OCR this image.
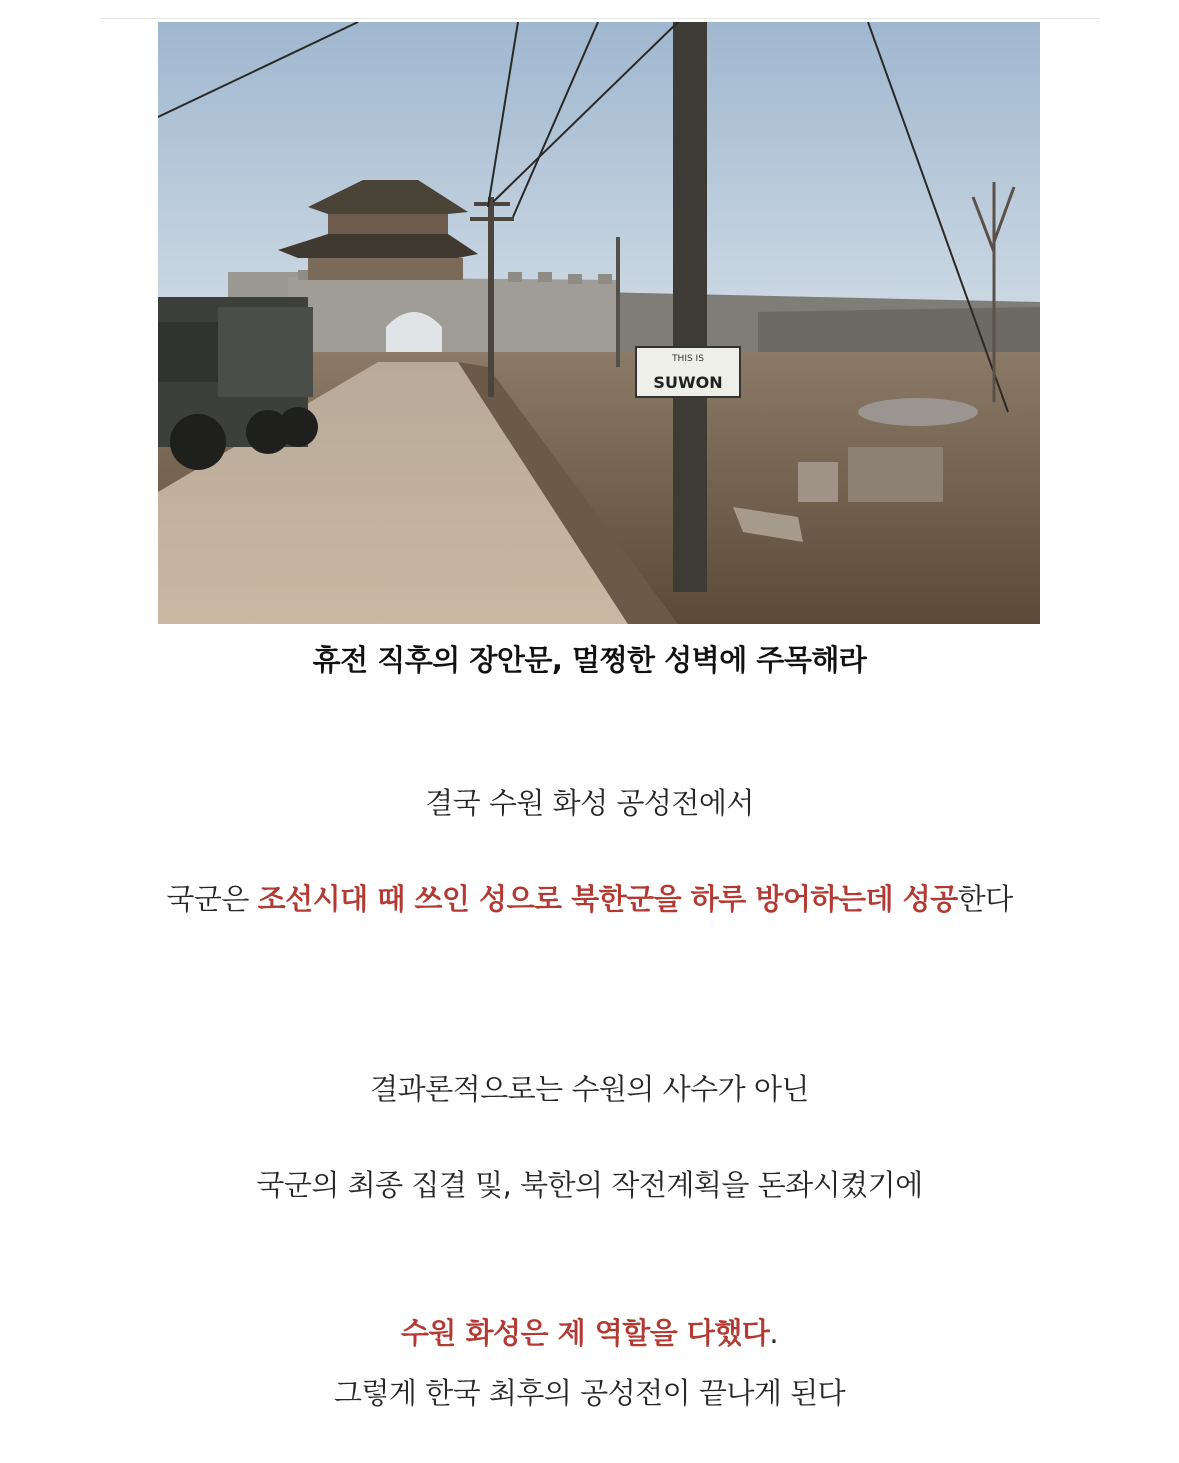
THIS IS
SUWON
휴전 직후의 장안문, 멀쩡한 성벽에 주목해라
결국 수원 화성 공성전에서
국군은 조선시대 때 쓰인 성으로 북한군을 하루 방어하는데 성공한다
결과론적으로는 수원의 사수가 아닌
국군의 최종 집결 및, 북한의 작전계획을 돈좌시켰기에
수원 화성은 제 역할을 다했다.
그렇게 한국 최후의 공성전이 끝나게 된다
